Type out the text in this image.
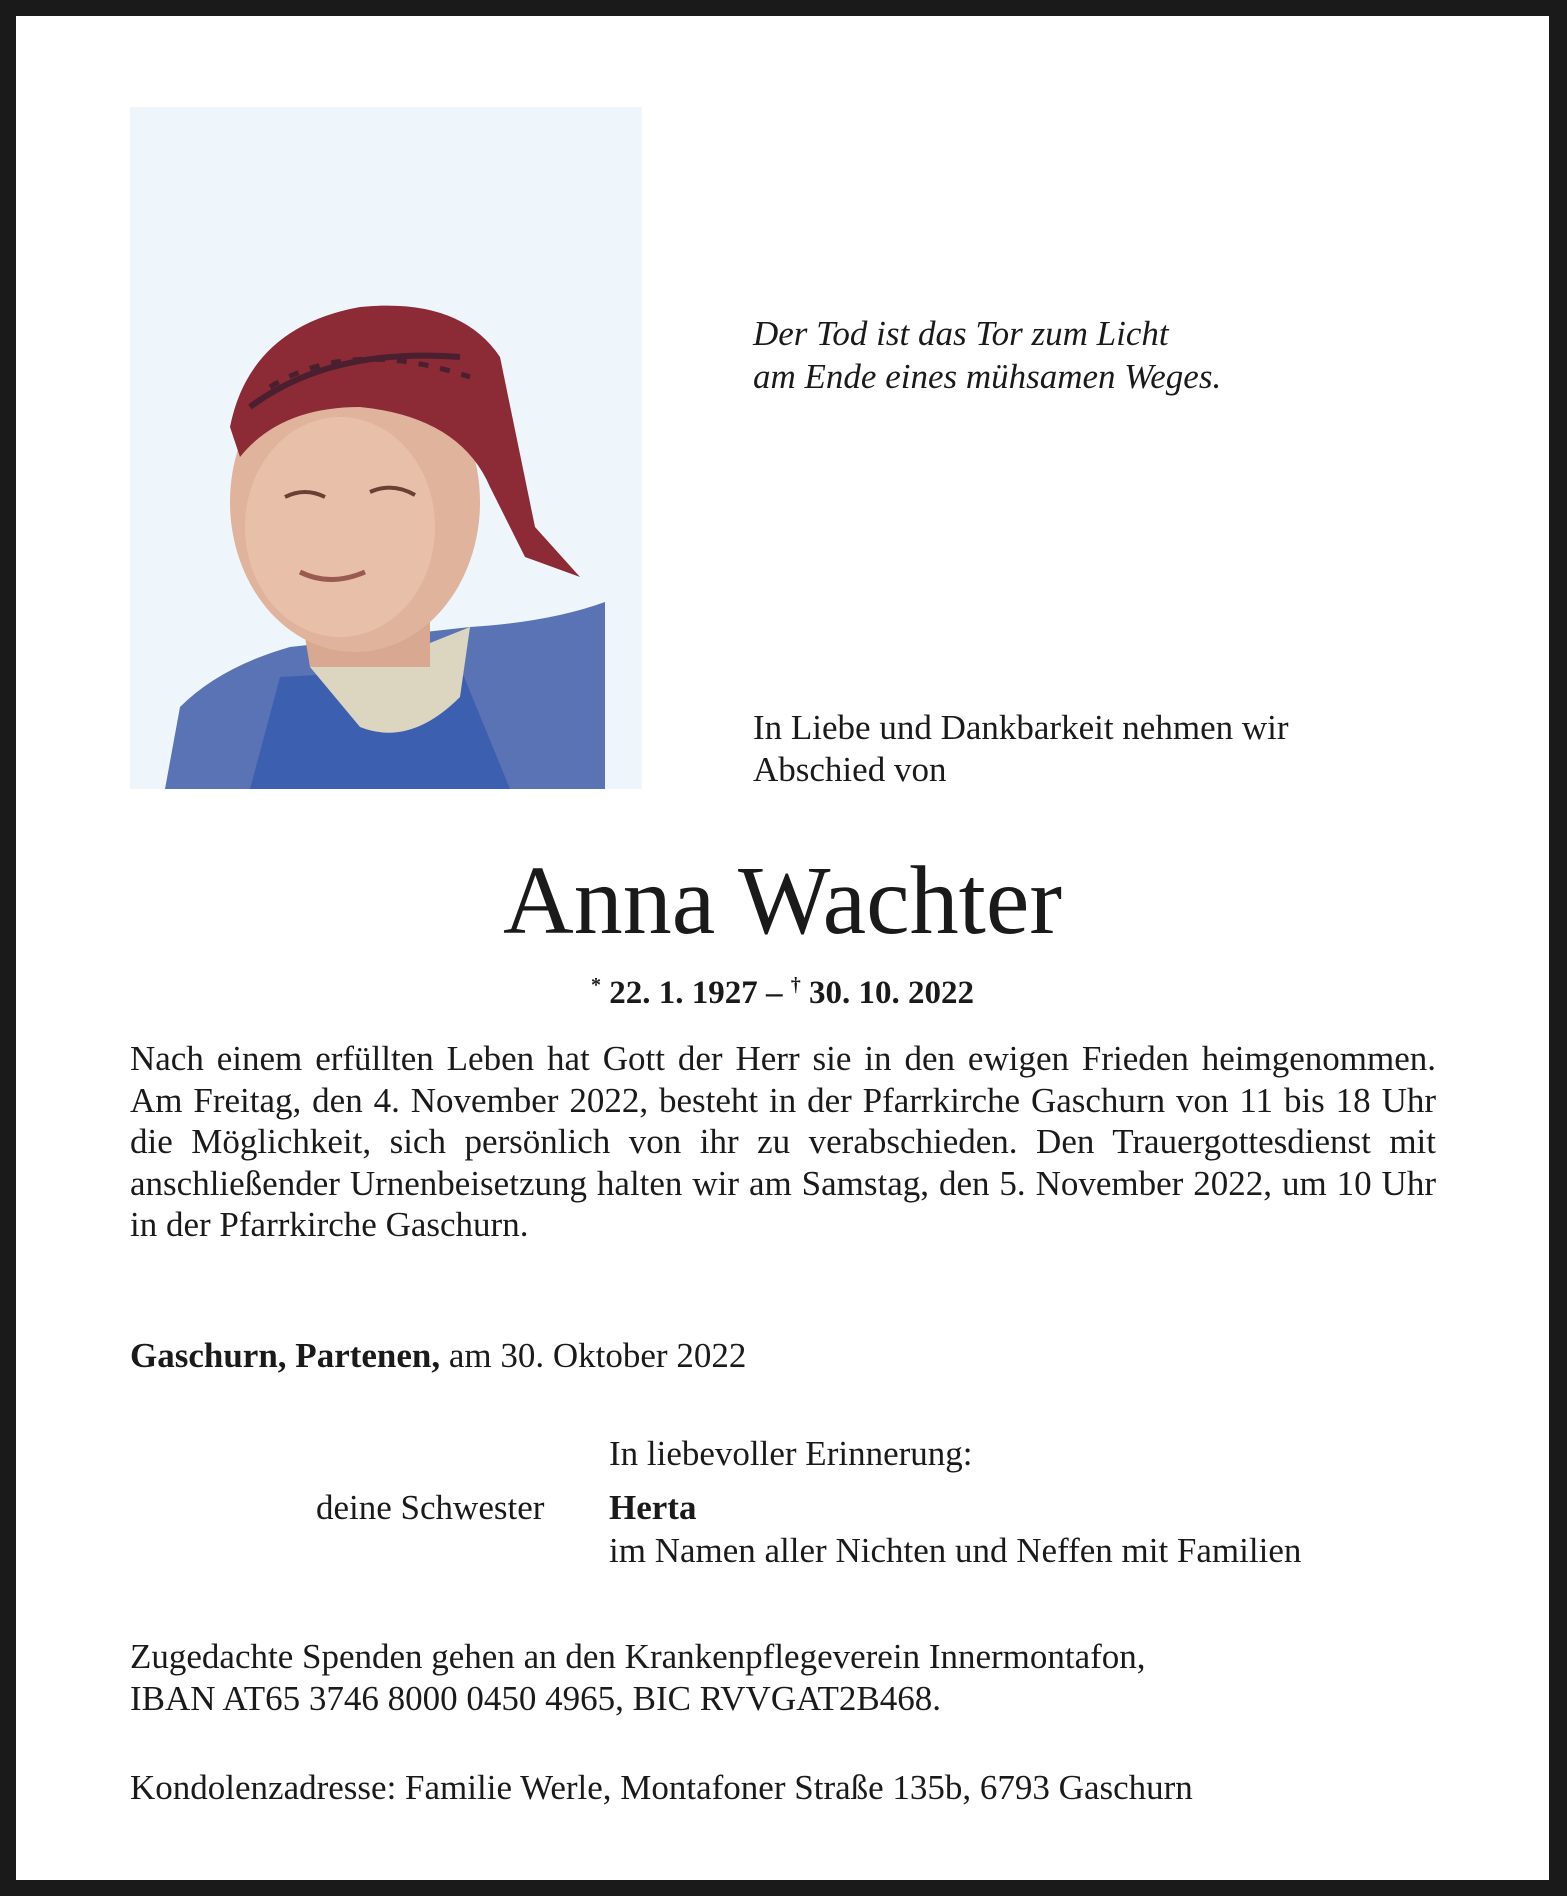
Der Tod ist das Tor zum Licht
am Ende eines mühsamen Weges.
In Liebe und Dankbarkeit nehmen wir
Abschied von
Anna Wachter
* 22. 1. 1927 – † 30. 10. 2022
Nach einem erfüllten Leben hat Gott der Herr sie in den ewigen Frieden heimgenommen. Am Freitag, den 4. November 2022, besteht in der Pfarrkirche Gaschurn von 11 bis 18 Uhr die Möglichkeit, sich persönlich von ihr zu verabschieden. Den Trauergottesdienst mit anschließender Urnenbeisetzung halten wir am Samstag, den 5. November 2022, um 10 Uhr in der Pfarrkirche Gaschurn.
Gaschurn, Partenen, am 30. Oktober 2022
In liebevoller Erinnerung:
deine Schwester Herta
im Namen aller Nichten und Neffen mit Familien
Zugedachte Spenden gehen an den Krankenpflegeverein Innermontafon,
IBAN AT65 3746 8000 0450 4965, BIC RVVGAT2B468.
Kondolenzadresse: Familie Werle, Montafoner Straße 135b, 6793 Gaschurn
